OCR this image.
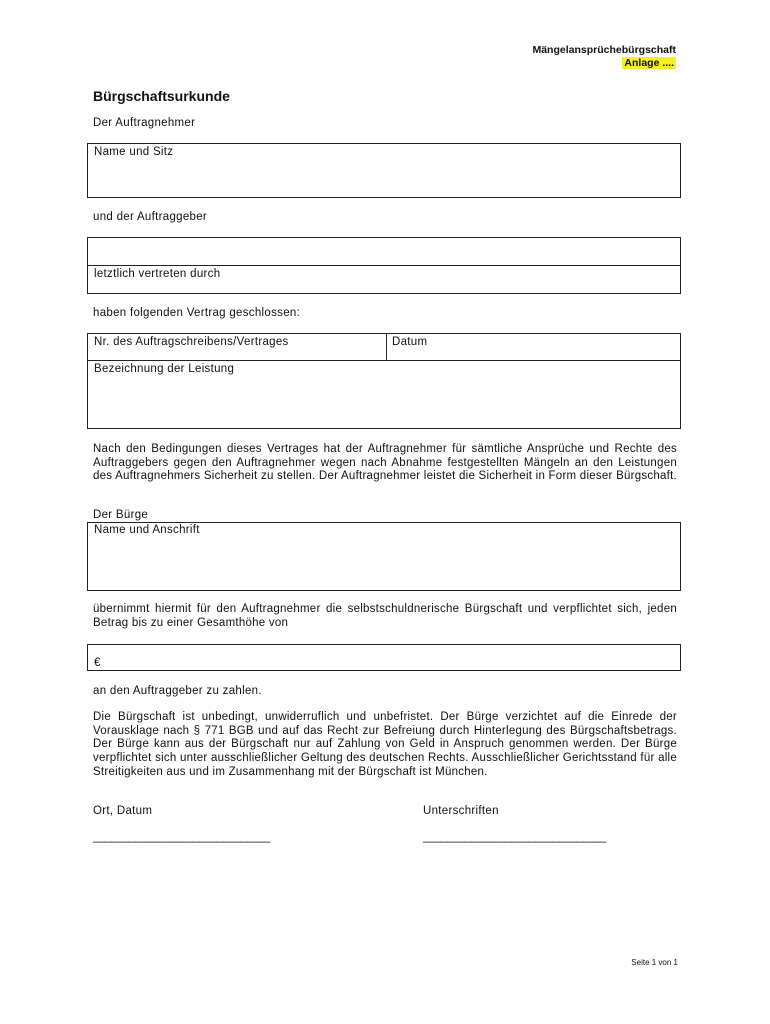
Mängelansprüchebürgschaft
Anlage ....
Bürgschaftsurkunde
Der Auftragnehmer
Name und Sitz
und der Auftraggeber
letztlich vertreten durch
haben folgenden Vertrag geschlossen:
Nr. des Auftragschreibens/Vertrages	Datum
Bezeichnung der Leistung
Nach den Bedingungen dieses Vertrages hat der Auftragnehmer für sämtliche Ansprüche und Rechte des Auftraggebers gegen den Auftragnehmer wegen nach Abnahme festgestellten Mängeln an den Leistungen des Auftragnehmers Sicherheit zu stellen. Der Auftragnehmer leistet die Sicherheit in Form dieser Bürgschaft.
Der Bürge
Name und Anschrift
übernimmt hiermit für den Auftragnehmer die selbstschuldnerische Bürgschaft und verpflichtet sich, jeden Betrag bis zu einer Gesamthöhe von
€
an den Auftraggeber zu zahlen.
Die Bürgschaft ist unbedingt, unwiderruflich und unbefristet. Der Bürge verzichtet auf die Einrede der Vorausklage nach § 771 BGB und auf das Recht zur Befreiung durch Hinterlegung des Bürgschaftsbetrags. Der Bürge kann aus der Bürgschaft nur auf Zahlung von Geld in Anspruch genommen werden. Der Bürge verpflichtet sich unter ausschließlicher Geltung des deutschen Rechts. Ausschließlicher Gerichtsstand für alle Streitigkeiten aus und im Zusammenhang mit der Bürgschaft ist München.
Ort, Datum	Unterschriften
______________________________	_______________________________
Seite 1 von 1
